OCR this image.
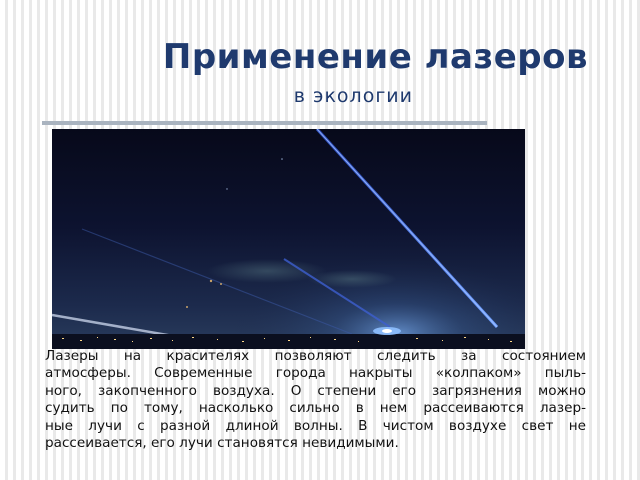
Применение лазеров
в экологии
Лазеры на красителях позволяют следить за состоянием
атмосферы. Современные города накрыты «колпаком» пыль-
ного, закопченного воздуха. О степени его загрязнения можно
судить по тому, насколько сильно в нем рассеиваются лазер-
ные лучи с разной длиной волны. В чистом воздухе свет не
рассеивается, его лучи становятся невидимыми.
